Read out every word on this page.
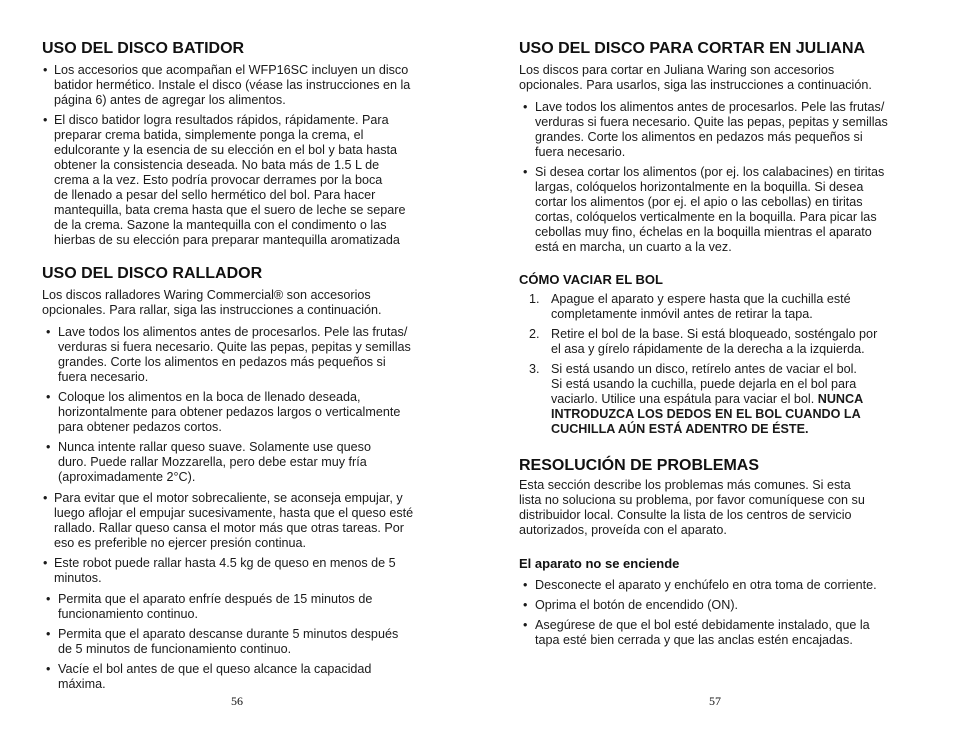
USO DEL DISCO BATIDOR
• Los accesorios que acompañan el WFP16SC incluyen un disco
batidor hermético. Instale el disco (véase las instrucciones en la
página 6) antes de agregar los alimentos.
• El disco batidor logra resultados rápidos, rápidamente. Para
preparar crema batida, simplemente ponga la crema, el
edulcorante y la esencia de su elección en el bol y bata hasta
obtener la consistencia deseada. No bata más de 1.5 L de
crema a la vez. Esto podría provocar derrames por la boca
de llenado a pesar del sello hermético del bol. Para hacer
mantequilla, bata crema hasta que el suero de leche se separe
de la crema. Sazone la mantequilla con el condimento o las
hierbas de su elección para preparar mantequilla aromatizada
USO DEL DISCO RALLADOR

Los discos ralladores Waring Commercial® son accesorios
opcionales. Para rallar, siga las instrucciones a continuación.

• Lave todos los alimentos antes de procesarlos. Pele las frutas/
verduras si fuera necesario. Quite las pepas, pepitas y semillas
grandes. Corte los alimentos en pedazos más pequeños si
fuera necesario.
• Coloque los alimentos en la boca de llenado deseada,
horizontalmente para obtener pedazos largos o verticalmente
para obtener pedazos cortos.
• Nunca intente rallar queso suave. Solamente use queso
duro. Puede rallar Mozzarella, pero debe estar muy fría
(aproximadamente 2°C).
• Para evitar que el motor sobrecaliente, se aconseja empujar, y
luego aflojar el empujar sucesivamente, hasta que el queso esté
rallado. Rallar queso cansa el motor más que otras tareas. Por
eso es preferible no ejercer presión continua.
• Este robot puede rallar hasta 4.5 kg de queso en menos de 5
minutos.
• Permita que el aparato enfríe después de 15 minutos de
funcionamiento continuo.
• Permita que el aparato descanse durante 5 minutos después
de 5 minutos de funcionamiento continuo.
• Vacíe el bol antes de que el queso alcance la capacidad
máxima.
56
USO DEL DISCO PARA CORTAR EN JULIANA

Los discos para cortar en Juliana Waring son accesorios
opcionales. Para usarlos, siga las instrucciones a continuación.

• Lave todos los alimentos antes de procesarlos. Pele las frutas/
verduras si fuera necesario. Quite las pepas, pepitas y semillas
grandes. Corte los alimentos en pedazos más pequeños si
fuera necesario.
• Si desea cortar los alimentos (por ej. los calabacines) en tiritas
largas, colóquelos horizontalmente en la boquilla. Si desea
cortar los alimentos (por ej. el apio o las cebollas) en tiritas
cortas, colóquelos verticalmente en la boquilla. Para picar las
cebollas muy fino, échelas en la boquilla mientras el aparato
está en marcha, un cuarto a la vez.
CÓMO VACIAR EL BOL
1. Apague el aparato y espere hasta que la cuchilla esté
completamente inmóvil antes de retirar la tapa.
2. Retire el bol de la base. Si está bloqueado, sosténgalo por
el asa y gírelo rápidamente de la derecha a la izquierda.
3. Si está usando un disco, retírelo antes de vaciar el bol.
Si está usando la cuchilla, puede dejarla en el bol para
vaciarlo. Utilice una espátula para vaciar el bol. NUNCA
INTRODUZCA LOS DEDOS EN EL BOL CUANDO LA
CUCHILLA AÚN ESTÁ ADENTRO DE ÉSTE.
RESOLUCIÓN DE PROBLEMAS

Esta sección describe los problemas más comunes. Si esta
lista no soluciona su problema, por favor comuníquese con su
distribuidor local. Consulte la lista de los centros de servicio
autorizados, proveída con el aparato.

El aparato no se enciende
• Desconecte el aparato y enchúfelo en otra toma de corriente.
• Oprima el botón de encendido (ON).
• Asegúrese de que el bol esté debidamente instalado, que la
tapa esté bien cerrada y que las anclas estén encajadas.
57
